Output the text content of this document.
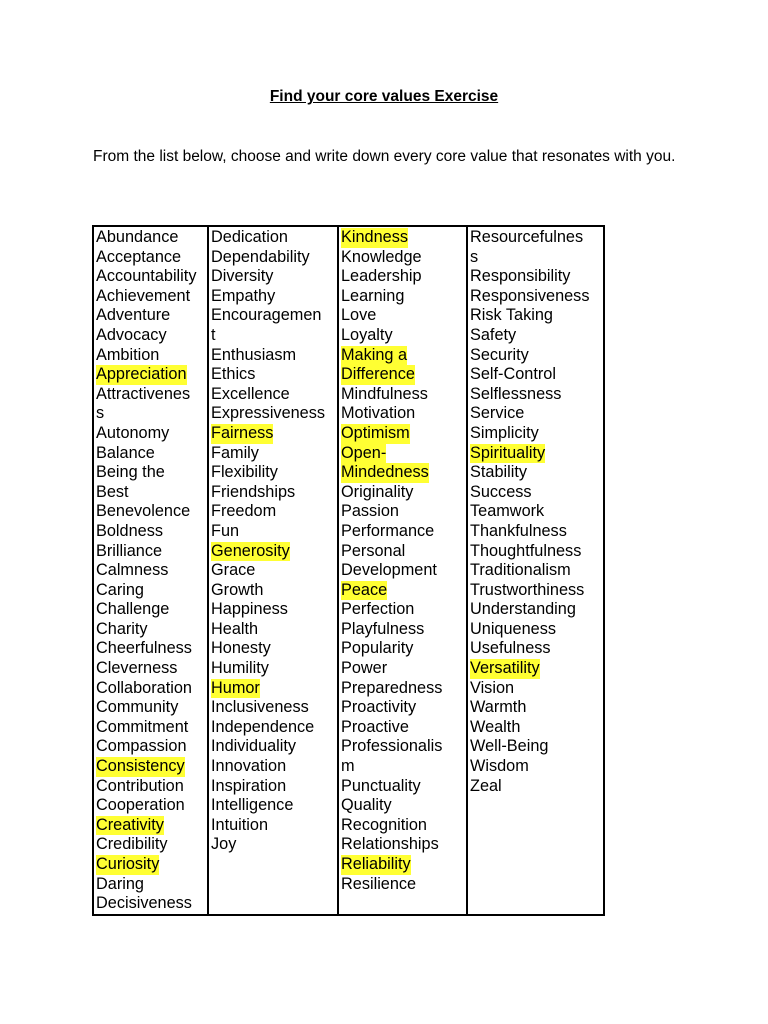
Find your core values Exercise
From the list below, choose and write down every core value that resonates with you.
Abundance
Acceptance
Accountability
Achievement
Adventure
Advocacy
Ambition
Appreciation
Attractivenes
s
Autonomy
Balance
Being the
Best
Benevolence
Boldness
Brilliance
Calmness
Caring
Challenge
Charity
Cheerfulness
Cleverness
Collaboration
Community
Commitment
Compassion
Consistency
Contribution
Cooperation
Creativity
Credibility
Curiosity
Daring
Decisiveness

Dedication
Dependability
Diversity
Empathy
Encouragemen
t
Enthusiasm
Ethics
Excellence
Expressiveness
Fairness
Family
Flexibility
Friendships
Freedom
Fun
Generosity
Grace
Growth
Happiness
Health
Honesty
Humility
Humor
Inclusiveness
Independence
Individuality
Innovation
Inspiration
Intelligence
Intuition
Joy

Kindness
Knowledge
Leadership
Learning
Love
Loyalty
Making a
Difference
Mindfulness
Motivation
Optimism
Open-
Mindedness
Originality
Passion
Performance
Personal
Development
Peace
Perfection
Playfulness
Popularity
Power
Preparedness
Proactivity
Proactive
Professionalis
m
Punctuality
Quality
Recognition
Relationships
Reliability
Resilience

Resourcefulnes
s
Responsibility
Responsiveness
Risk Taking
Safety
Security
Self-Control
Selflessness
Service
Simplicity
Spirituality
Stability
Success
Teamwork
Thankfulness
Thoughtfulness
Traditionalism
Trustworthiness
Understanding
Uniqueness
Usefulness
Versatility
Vision
Warmth
Wealth
Well-Being
Wisdom
Zeal
